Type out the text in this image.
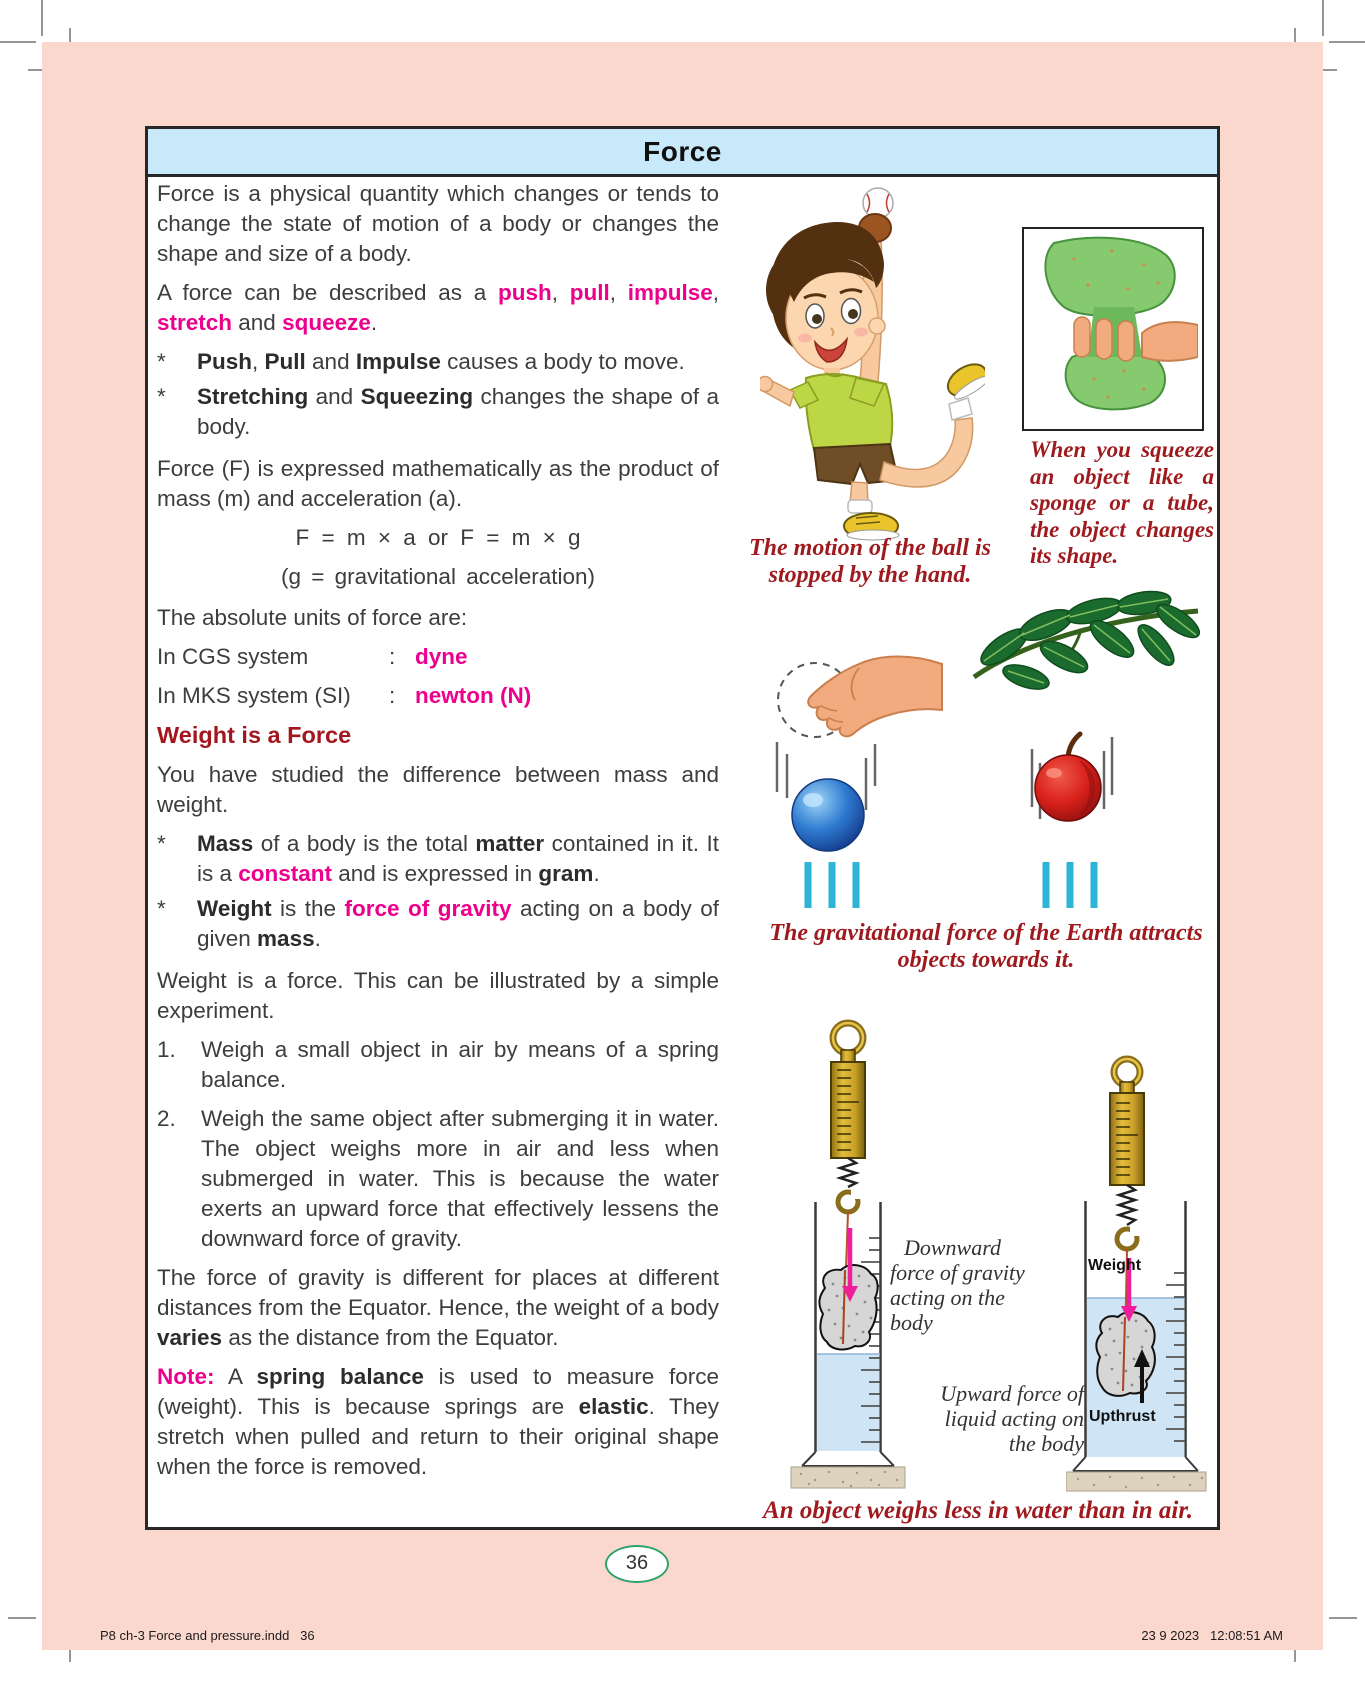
Force

Force is a physical quantity which changes or tends to change the state of motion of a body or changes the shape and size of a body.

A force can be described as a push, pull, impulse, stretch and squeeze.

*	Push, Pull and Impulse causes a body to move.
*	Stretching and Squeezing changes the shape of a body.

Force (F) is expressed mathematically as the product of mass (m) and acceleration (a).

F = m × a or F = m × g
(g = gravitational acceleration)

The absolute units of force are:

In CGS system	: dyne
In MKS system (SI)	: newton (N)
Weight is a Force

You have studied the difference between mass and weight.

*	Mass of a body is the total matter contained in it. It is a constant and is expressed in gram.
*	Weight is the force of gravity acting on a body of given mass.

Weight is a force. This can be illustrated by a simple experiment.

1.	Weigh a small object in air by means of a spring balance.
2.	Weigh the same object after submerging it in water. The object weighs more in air and less when submerged in water. This is because the water exerts an upward force that effectively lessens the downward force of gravity.

The force of gravity is different for places at different distances from the Equator. Hence, the weight of a body varies as the distance from the Equator.

Note: A spring balance is used to measure force (weight). This is because springs are elastic. They stretch when pulled and return to their original shape when the force is removed.

The motion of the ball is stopped by the hand.
When you squeeze an object like a sponge or a tube, the object changes its shape.
The gravitational force of the Earth attracts objects towards it.
Downward force of gravity acting on the body
Weight
Upthrust
Upward force of liquid acting on the body
An object weighs less in water than in air.
36
P8 ch-3 Force and pressure.indd   36	23 9 2023   12:08:51 AM
